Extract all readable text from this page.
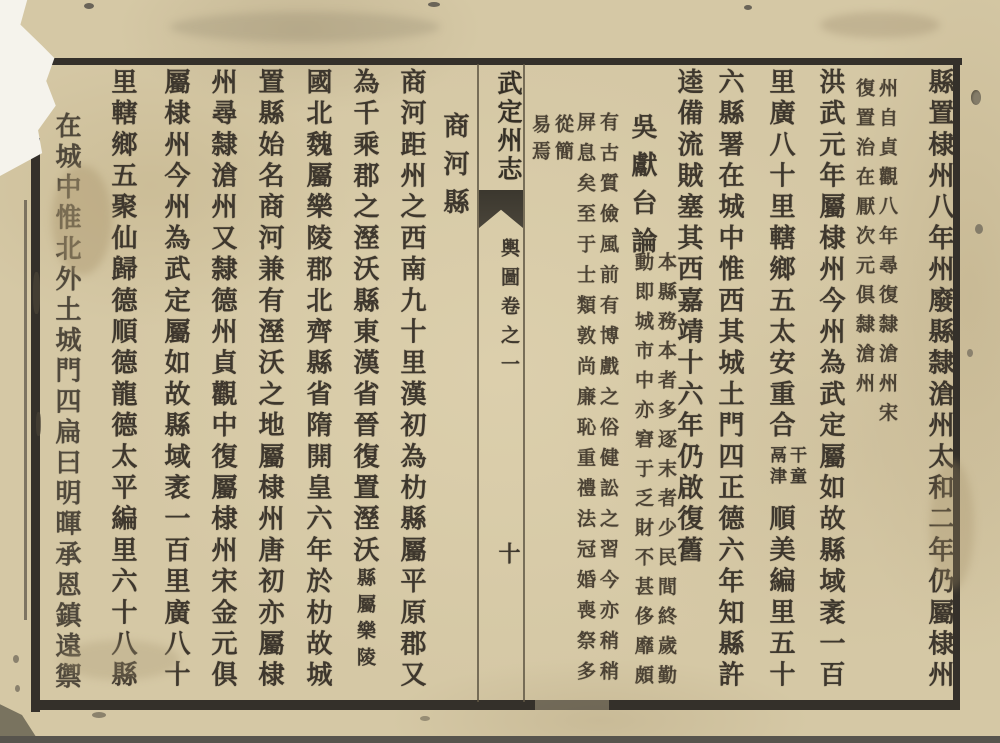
武定州志
輿圖卷之一
十	縣置棣州八年州廢縣隸滄州太和二年仍屬棣州
州自貞觀八年尋復隸滄州宋
復置治在厭次元俱隸滄州
洪武元年屬棣州今州為武定屬如故縣域袤一百
里廣八十里轄鄉五太安重合
干童
鬲津
順美編里五十
六縣署在城中惟西其城土門四正德六年知縣許
逵備流賊塞其西嘉靖十六年仍啟復舊
吳獻台論
本縣務本者多逐末者少民間終歲勤
動即城市中亦窘于乏財不甚侈靡頗
有古質儉風前有博戲之俗健訟之習今亦稍稍
屏息矣至于士類敦尚廉恥重禮法冠婚喪祭多
從簡
易焉
商河縣
商河距州之西南九十里漢初為朸縣屬平原郡又
為千乘郡之溼沃縣東漢省晉復置溼沃縣屬樂陵
國北魏屬樂陵郡北齊縣省隋開皇六年於朸故城
置縣始名商河兼有溼沃之地屬棣州唐初亦屬棣
州尋隸滄州又隸德州貞觀中復屬棣州宋金元俱
屬棣州今州為武定屬如故縣域袤一百里廣八十
里轄鄉五聚仙歸德順德龍德太平編里六十八縣
在城中惟北外土城門四扁曰明暉承恩鎮遠禦
